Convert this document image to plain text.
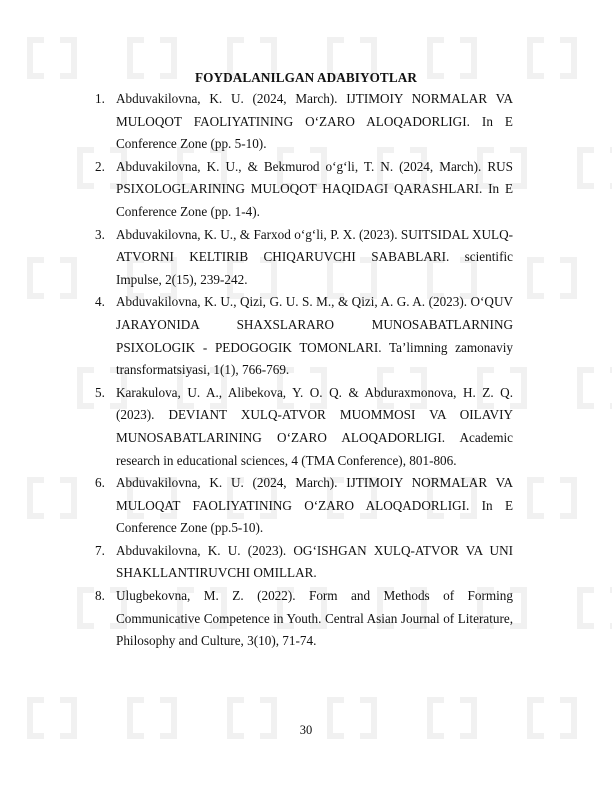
FOYDALANILGAN ADABIYOTLAR
1. Abduvakilovna, K. U. (2024, March). IJTIMOIY NORMALAR VA MULOQOT FAOLIYATINING O‘ZARO ALOQADORLIGI. In E Conference Zone (pp. 5-10).
2. Abduvakilovna, K. U., & Bekmurod o‘g‘li, T. N. (2024, March). RUS PSIXOLOGLARINING MULOQOT HAQIDAGI QARASHLARI. In E Conference Zone (pp. 1-4).
3. Abduvakilovna, K. U., & Farxod o‘g‘li, P. X. (2023). SUITSIDAL XULQ-ATVORNI KELTIRIB CHIQARUVCHI SABABLARI. scientific Impulse, 2(15), 239-242.
4. Abduvakilovna, K. U., Qizi, G. U. S. M., & Qizi, A. G. A. (2023). O‘QUV JARAYONIDA SHAXSLARARO MUNOSABATLARNING PSIXOLOGIK - PEDOGOGIK TOMONLARI. Ta’limning zamonaviy transformatsiyasi, 1(1), 766-769.
5. Karakulova, U. A., Alibekova, Y. O. Q. & Abduraxmonova, H. Z. Q. (2023). DEVIANT XULQ-ATVOR MUOMMOSI VA OILAVIY MUNOSABATLARINING O‘ZARO ALOQADORLIGI. Academic research in educational sciences, 4 (TMA Conference), 801-806.
6. Abduvakilovna, K. U. (2024, March). IJTIMOIY NORMALAR VA MULOQAT FAOLIYATINING O‘ZARO ALOQADORLIGI. In E Conference Zone (pp.5-10).
7. Abduvakilovna, K. U. (2023). OG‘ISHGAN XULQ-ATVOR VA UNI SHAKLLANTIRUVCHI OMILLAR.
8. Ulugbekovna, M. Z. (2022). Form and Methods of Forming Communicative Competence in Youth. Central Asian Journal of Literature, Philosophy and Culture, 3(10), 71-74.
30
